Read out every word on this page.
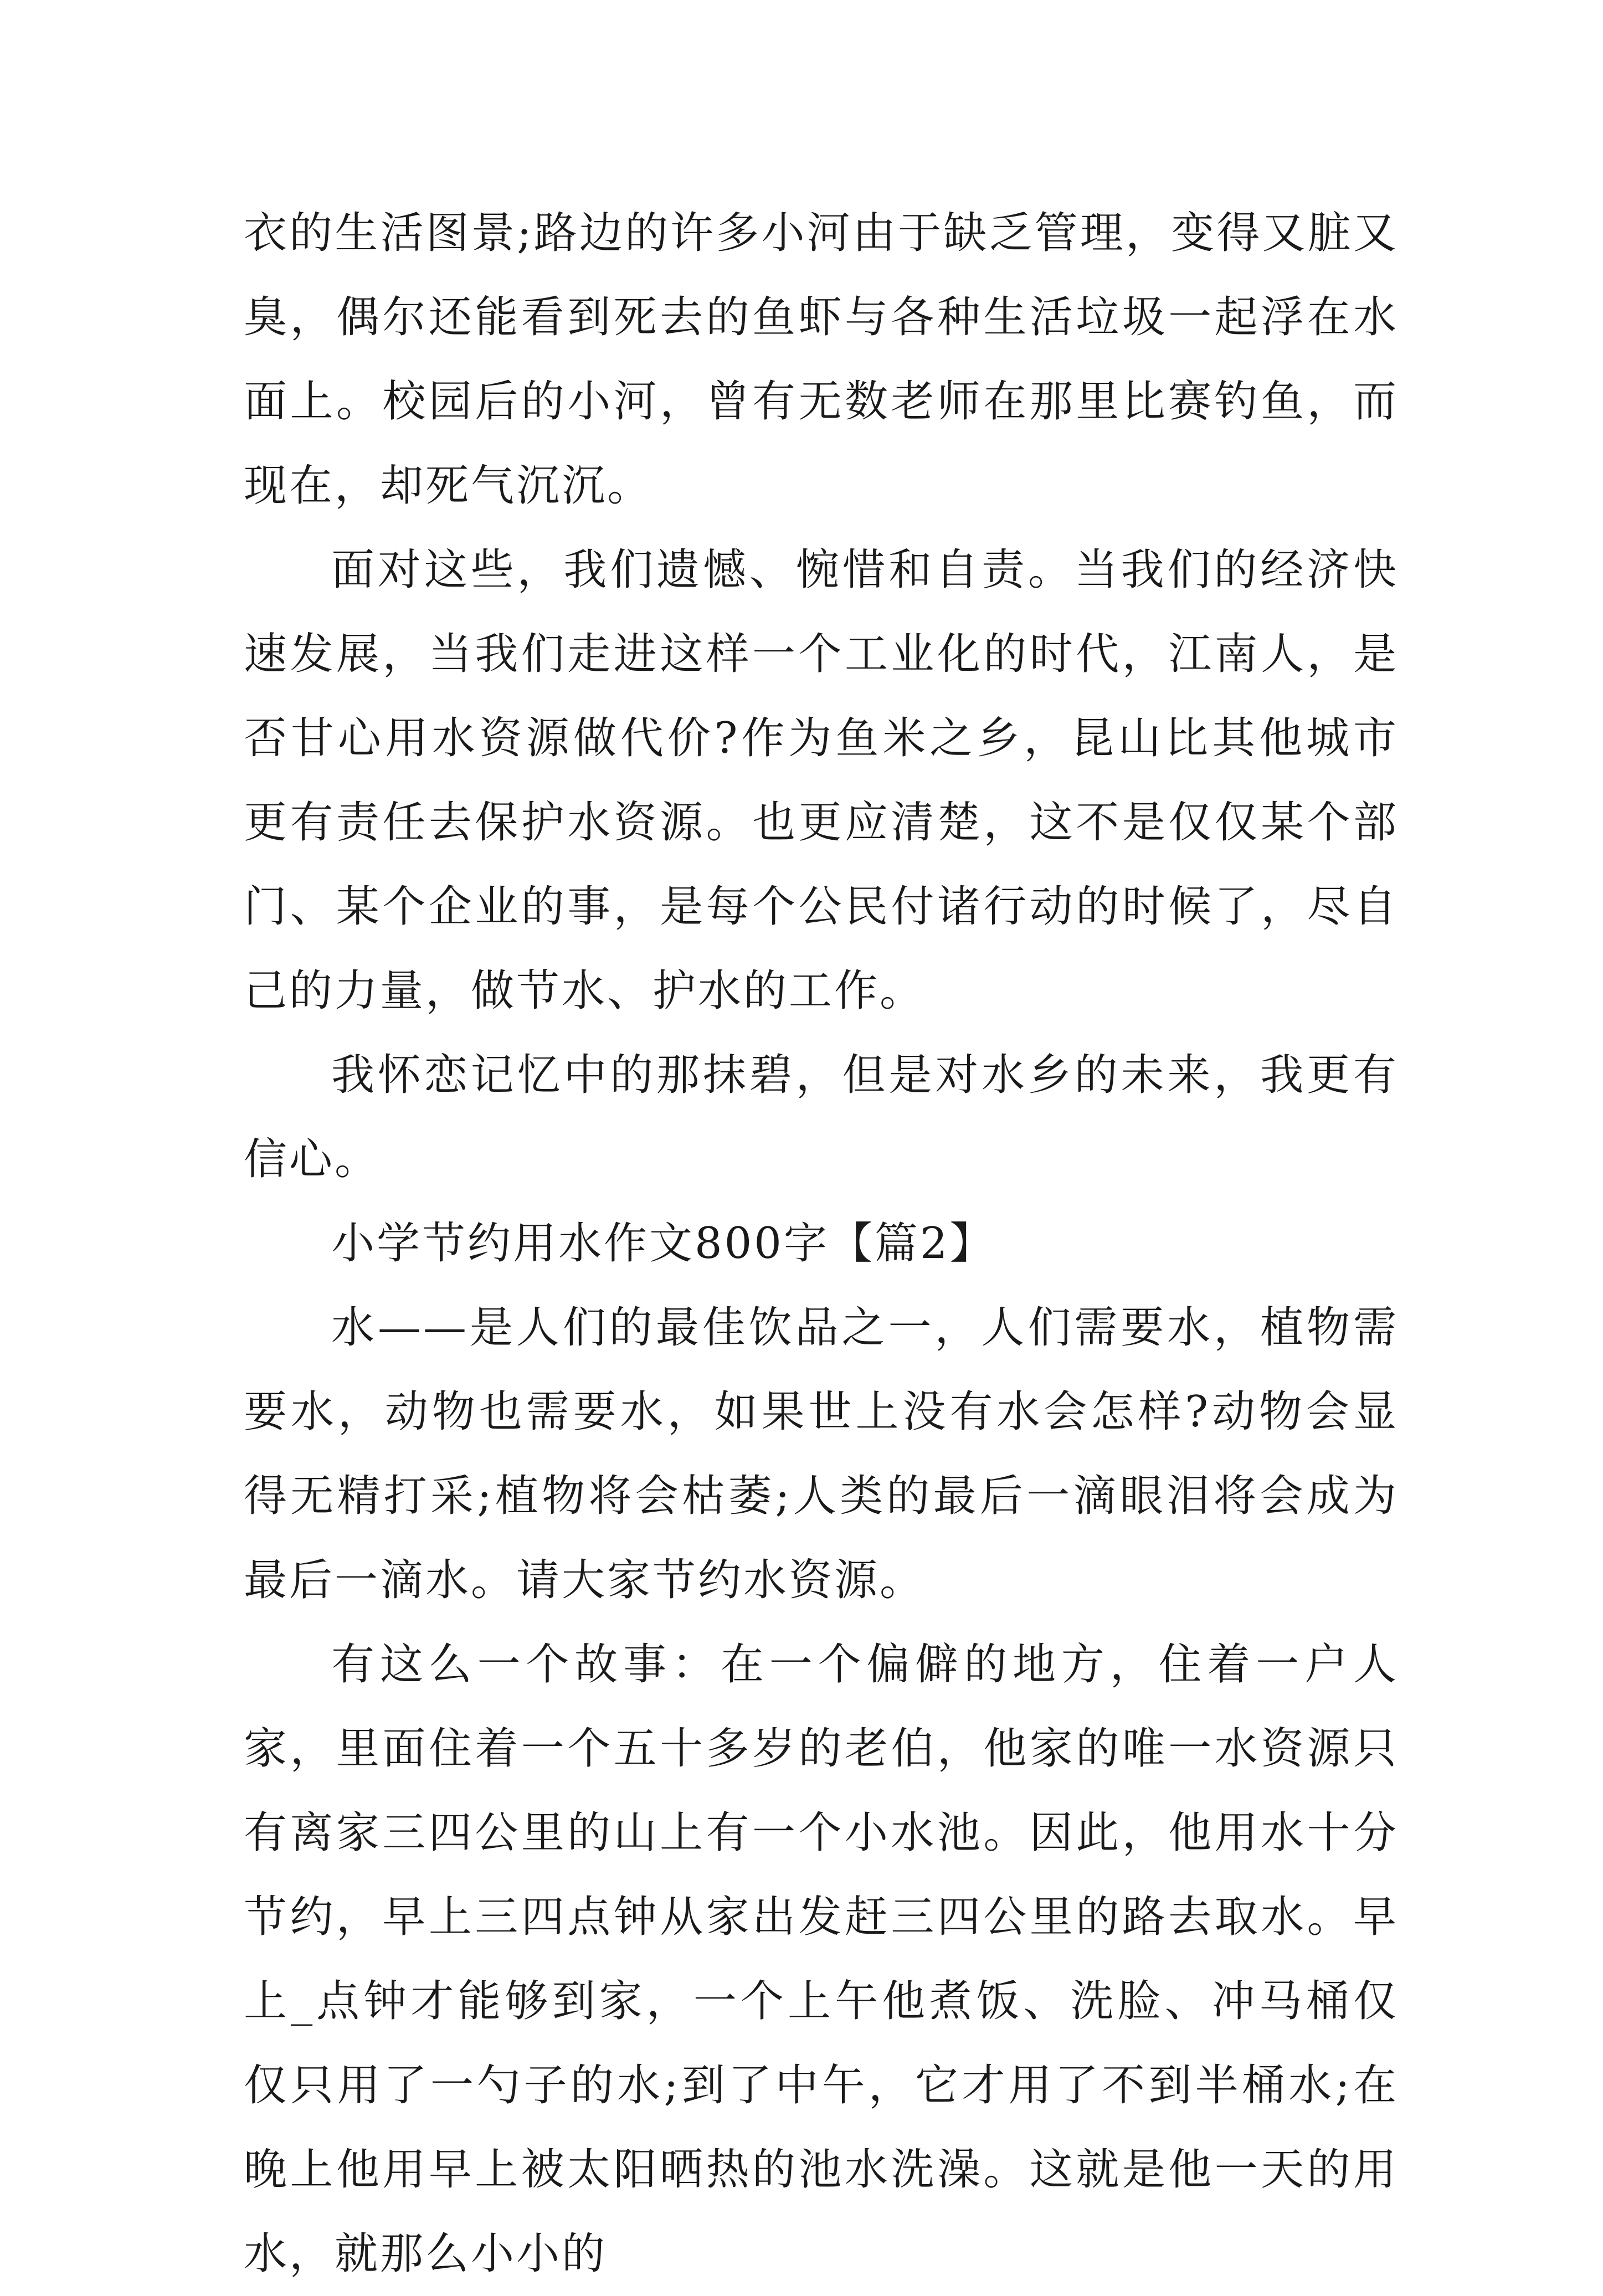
衣的生活图景;路边的许多小河由于缺乏管理，变得又脏又臭，偶尔还能看到死去的鱼虾与各种生活垃圾一起浮在水面上。校园后的小河，曾有无数老师在那里比赛钓鱼，而现在，却死气沉沉。

面对这些，我们遗憾、惋惜和自责。当我们的经济快速发展，当我们走进这样一个工业化的时代，江南人，是否甘心用水资源做代价?作为鱼米之乡，昆山比其他城市更有责任去保护水资源。也更应清楚，这不是仅仅某个部门、某个企业的事，是每个公民付诸行动的时候了，尽自己的力量，做节水、护水的工作。

我怀恋记忆中的那抹碧，但是对水乡的未来，我更有信心。

小学节约用水作文800字【篇2】

水——是人们的最佳饮品之一，人们需要水，植物需要水，动物也需要水，如果世上没有水会怎样?动物会显得无精打采;植物将会枯萎;人类的最后一滴眼泪将会成为最后一滴水。请大家节约水资源。

有这么一个故事：在一个偏僻的地方，住着一户人家，里面住着一个五十多岁的老伯，他家的唯一水资源只有离家三四公里的山上有一个小水池。因此，他用水十分节约，早上三四点钟从家出发赶三四公里的路去取水。早上_点钟才能够到家，一个上午他煮饭、洗脸、冲马桶仅仅只用了一勺子的水;到了中午，它才用了不到半桶水;在晚上他用早上被太阳晒热的池水洗澡。这就是他一天的用水，就那么小小的
